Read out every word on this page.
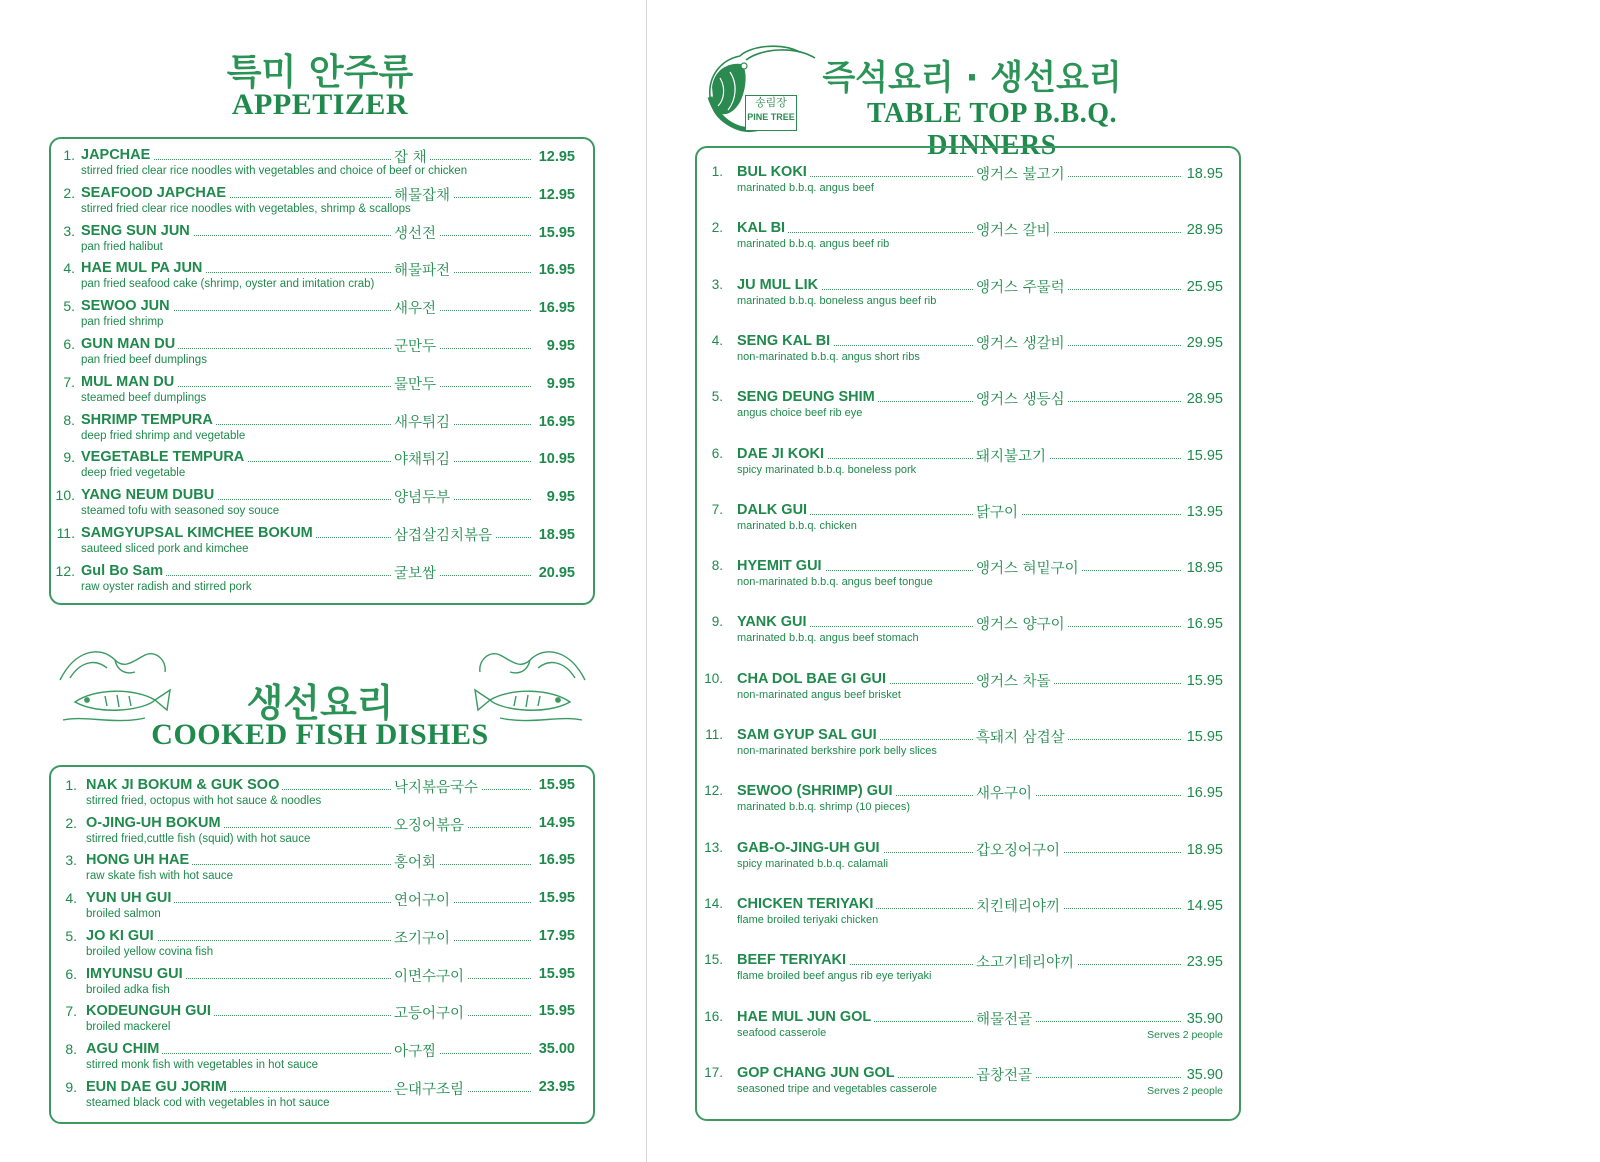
특미 안주류
APPETIZER
1. JAPCHAE	잡 채	12.95
stirred fried clear rice noodles with vegetables and choice of beef or chicken
2. SEAFOOD JAPCHAE	해물잡채	12.95
stirred fried clear rice noodles with vegetables, shrimp & scallops
3. SENG SUN JUN	생선전	15.95
pan fried halibut
4. HAE MUL PA JUN	해물파전	16.95
pan fried seafood cake (shrimp, oyster and imitation crab)
5. SEWOO JUN	새우전	16.95
pan fried shrimp
6. GUN MAN DU	군만두	9.95
pan fried beef dumplings
7. MUL MAN DU	물만두	9.95
steamed beef dumplings
8. SHRIMP TEMPURA	새우튀김	16.95
deep fried shrimp and vegetable
9. VEGETABLE TEMPURA	야채튀김	10.95
deep fried vegetable
10. YANG NEUM DUBU	양념두부	9.95
steamed tofu with seasoned soy souce
11. SAMGYUPSAL KIMCHEE BOKUM	삼겹살김치볶음	18.95
sauteed sliced pork and kimchee
12. Gul Bo Sam	굴보쌈	20.95
raw oyster radish and stirred pork
생선요리
COOKED FISH DISHES
1. NAK JI BOKUM & GUK SOO	낙지볶음국수	15.95
stirred fried, octopus with hot sauce & noodles
2. O-JING-UH BOKUM	오징어볶음	14.95
stirred fried,cuttle fish (squid) with hot sauce
3. HONG UH HAE	홍어회	16.95
raw skate fish with hot sauce
4. YUN UH GUI	연어구이	15.95
broiled salmon
5. JO KI GUI	조기구이	17.95
broiled yellow covina fish
6. IMYUNSU GUI	이면수구이	15.95
broiled adka fish
7. KODEUNGUH GUI	고등어구이	15.95
broiled mackerel
8. AGU CHIM	아구찜	35.00
stirred monk fish with vegetables in hot sauce
9. EUN DAE GU JORIM	은대구조림	23.95
steamed black cod with vegetables in hot sauce
송림장
PINE TREE
즉석요리 · 생선요리
TABLE TOP B.B.Q. DINNERS
1. BUL KOKI	앵거스 불고기	18.95
marinated b.b.q. angus beef
2. KAL BI	앵거스 갈비	28.95
marinated b.b.q. angus beef rib
3. JU MUL LIK	앵거스 주물럭	25.95
marinated b.b.q. boneless angus beef rib
4. SENG KAL BI	앵거스 생갈비	29.95
non-marinated b.b.q. angus short ribs
5. SENG DEUNG SHIM	앵거스 생등심	28.95
angus choice beef rib eye
6. DAE JI KOKI	돼지불고기	15.95
spicy marinated b.b.q. boneless pork
7. DALK GUI	닭구이	13.95
marinated b.b.q. chicken
8. HYEMIT GUI	앵거스 혀밑구이	18.95
non-marinated b.b.q. angus beef tongue
9. YANK GUI	앵거스 양구이	16.95
marinated b.b.q. angus beef stomach
10. CHA DOL BAE GI GUI	앵거스 차돌	15.95
non-marinated angus beef brisket
11. SAM GYUP SAL GUI	흑돼지 삼겹살	15.95
non-marinated berkshire pork belly slices
12. SEWOO (SHRIMP) GUI	새우구이	16.95
marinated b.b.q. shrimp (10 pieces)
13. GAB-O-JING-UH GUI	갑오징어구이	18.95
spicy marinated b.b.q. calamali
14. CHICKEN TERIYAKI	치킨테리야끼	14.95
flame broiled teriyaki chicken
15. BEEF TERIYAKI	소고기테리야끼	23.95
flame broiled beef angus rib eye teriyaki
16. HAE MUL JUN GOL	해물전골	35.90
seafood casserole	Serves 2 people
17. GOP CHANG JUN GOL	곱창전골	35.90
seasoned tripe and vegetables casserole	Serves 2 people
